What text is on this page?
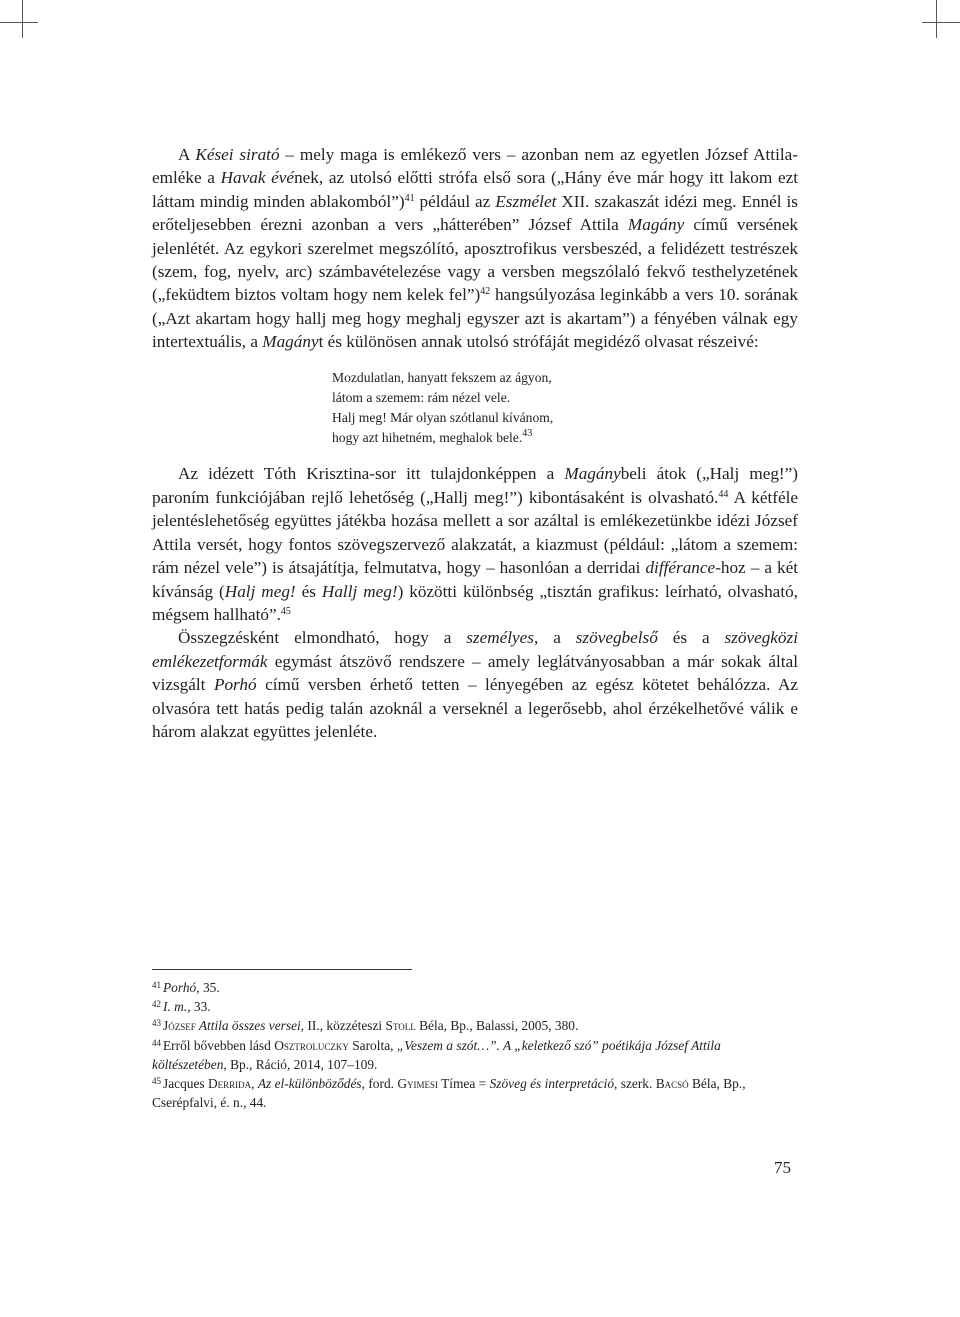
A Kései sirató – mely maga is emlékező vers – azonban nem az egyetlen József Attila-emléke a Havak évének, az utolsó előtti strófa első sora („Hány éve már hogy itt lakom ezt láttam mindig minden ablakomból”)$^{41}$ például az Eszmélet XII. szakaszát idézi meg. Ennél is erőteljesebben érezni azonban a vers „hátterében” József Attila Magány című versének jelenlétét. Az egykori szerelmet megszólító, aposztrofikus versbeszéd, a felidézett testrészek (szem, fog, nyelv, arc) számbavételezése vagy a versben megszólaló fekvő testhelyzetének („feküdtem biztos voltam hogy nem kelek fel”)$^{42}$ hangsúlyozása leginkább a vers 10. sorának („Azt akartam hogy hallj meg hogy meghalj egyszer azt is akartam”) a fényében válnak egy intertextuális, a Magányt és különösen annak utolsó strófáját megidéző olvasat részeivé:

Mozdulatlan, hanyatt fekszem az ágyon,
látom a szemem: rám nézel vele.
Halj meg! Már olyan szótlanul kívánom,
hogy azt hihetném, meghalok bele.$^{43}$

Az idézett Tóth Krisztina-sor itt tulajdonképpen a Magánybeli átok („Halj meg!”) paroním funkciójában rejlő lehetőség („Hallj meg!”) kibontásaként is olvasható.$^{44}$ A kétféle jelentéslehetőség együttes játékba hozása mellett a sor azáltal is emlékezetünkbe idézi József Attila versét, hogy fontos szövegszervező alakzatát, a kiazmust (például: „látom a szemem: rám nézel vele”) is átsajátítja, felmutatva, hogy – hasonlóan a derridai différance-hoz – a két kívánság (Halj meg! és Hallj meg!) közötti különbség „tisztán grafikus: leírható, olvasható, mégsem hallható”.$^{45}$

Összegzésként elmondható, hogy a személyes, a szövegbelső és a szövegközi emlékezetformák egymást átszövő rendszere – amely leglátványosabban a már sokak által vizsgált Porhó című versben érhető tetten – lényegében az egész kötetet behálózza. Az olvasóra tett hatás pedig talán azoknál a verseknél a legerősebb, ahol érzékelhetővé válik e három alakzat együttes jelenléte.

$^{41}$ Porhó, 35.

$^{42}$ I. m., 33.

$^{43}$ József Attila összes versei, II., közzéteszi Stoll Béla, Bp., Balassi, 2005, 380.

$^{44}$ Erről bővebben lásd Osztroluczky Sarolta, „Veszem a szót…”. A „keletkező szó” poétikája József Attila költészetében, Bp., Ráció, 2014, 107–109.

$^{45}$ Jacques Derrida, Az el-különböződés, ford. Gyimesi Tímea = Szöveg és interpretáció, szerk. Bacsó Béla, Bp., Cserépfalvi, é. n., 44.

75
